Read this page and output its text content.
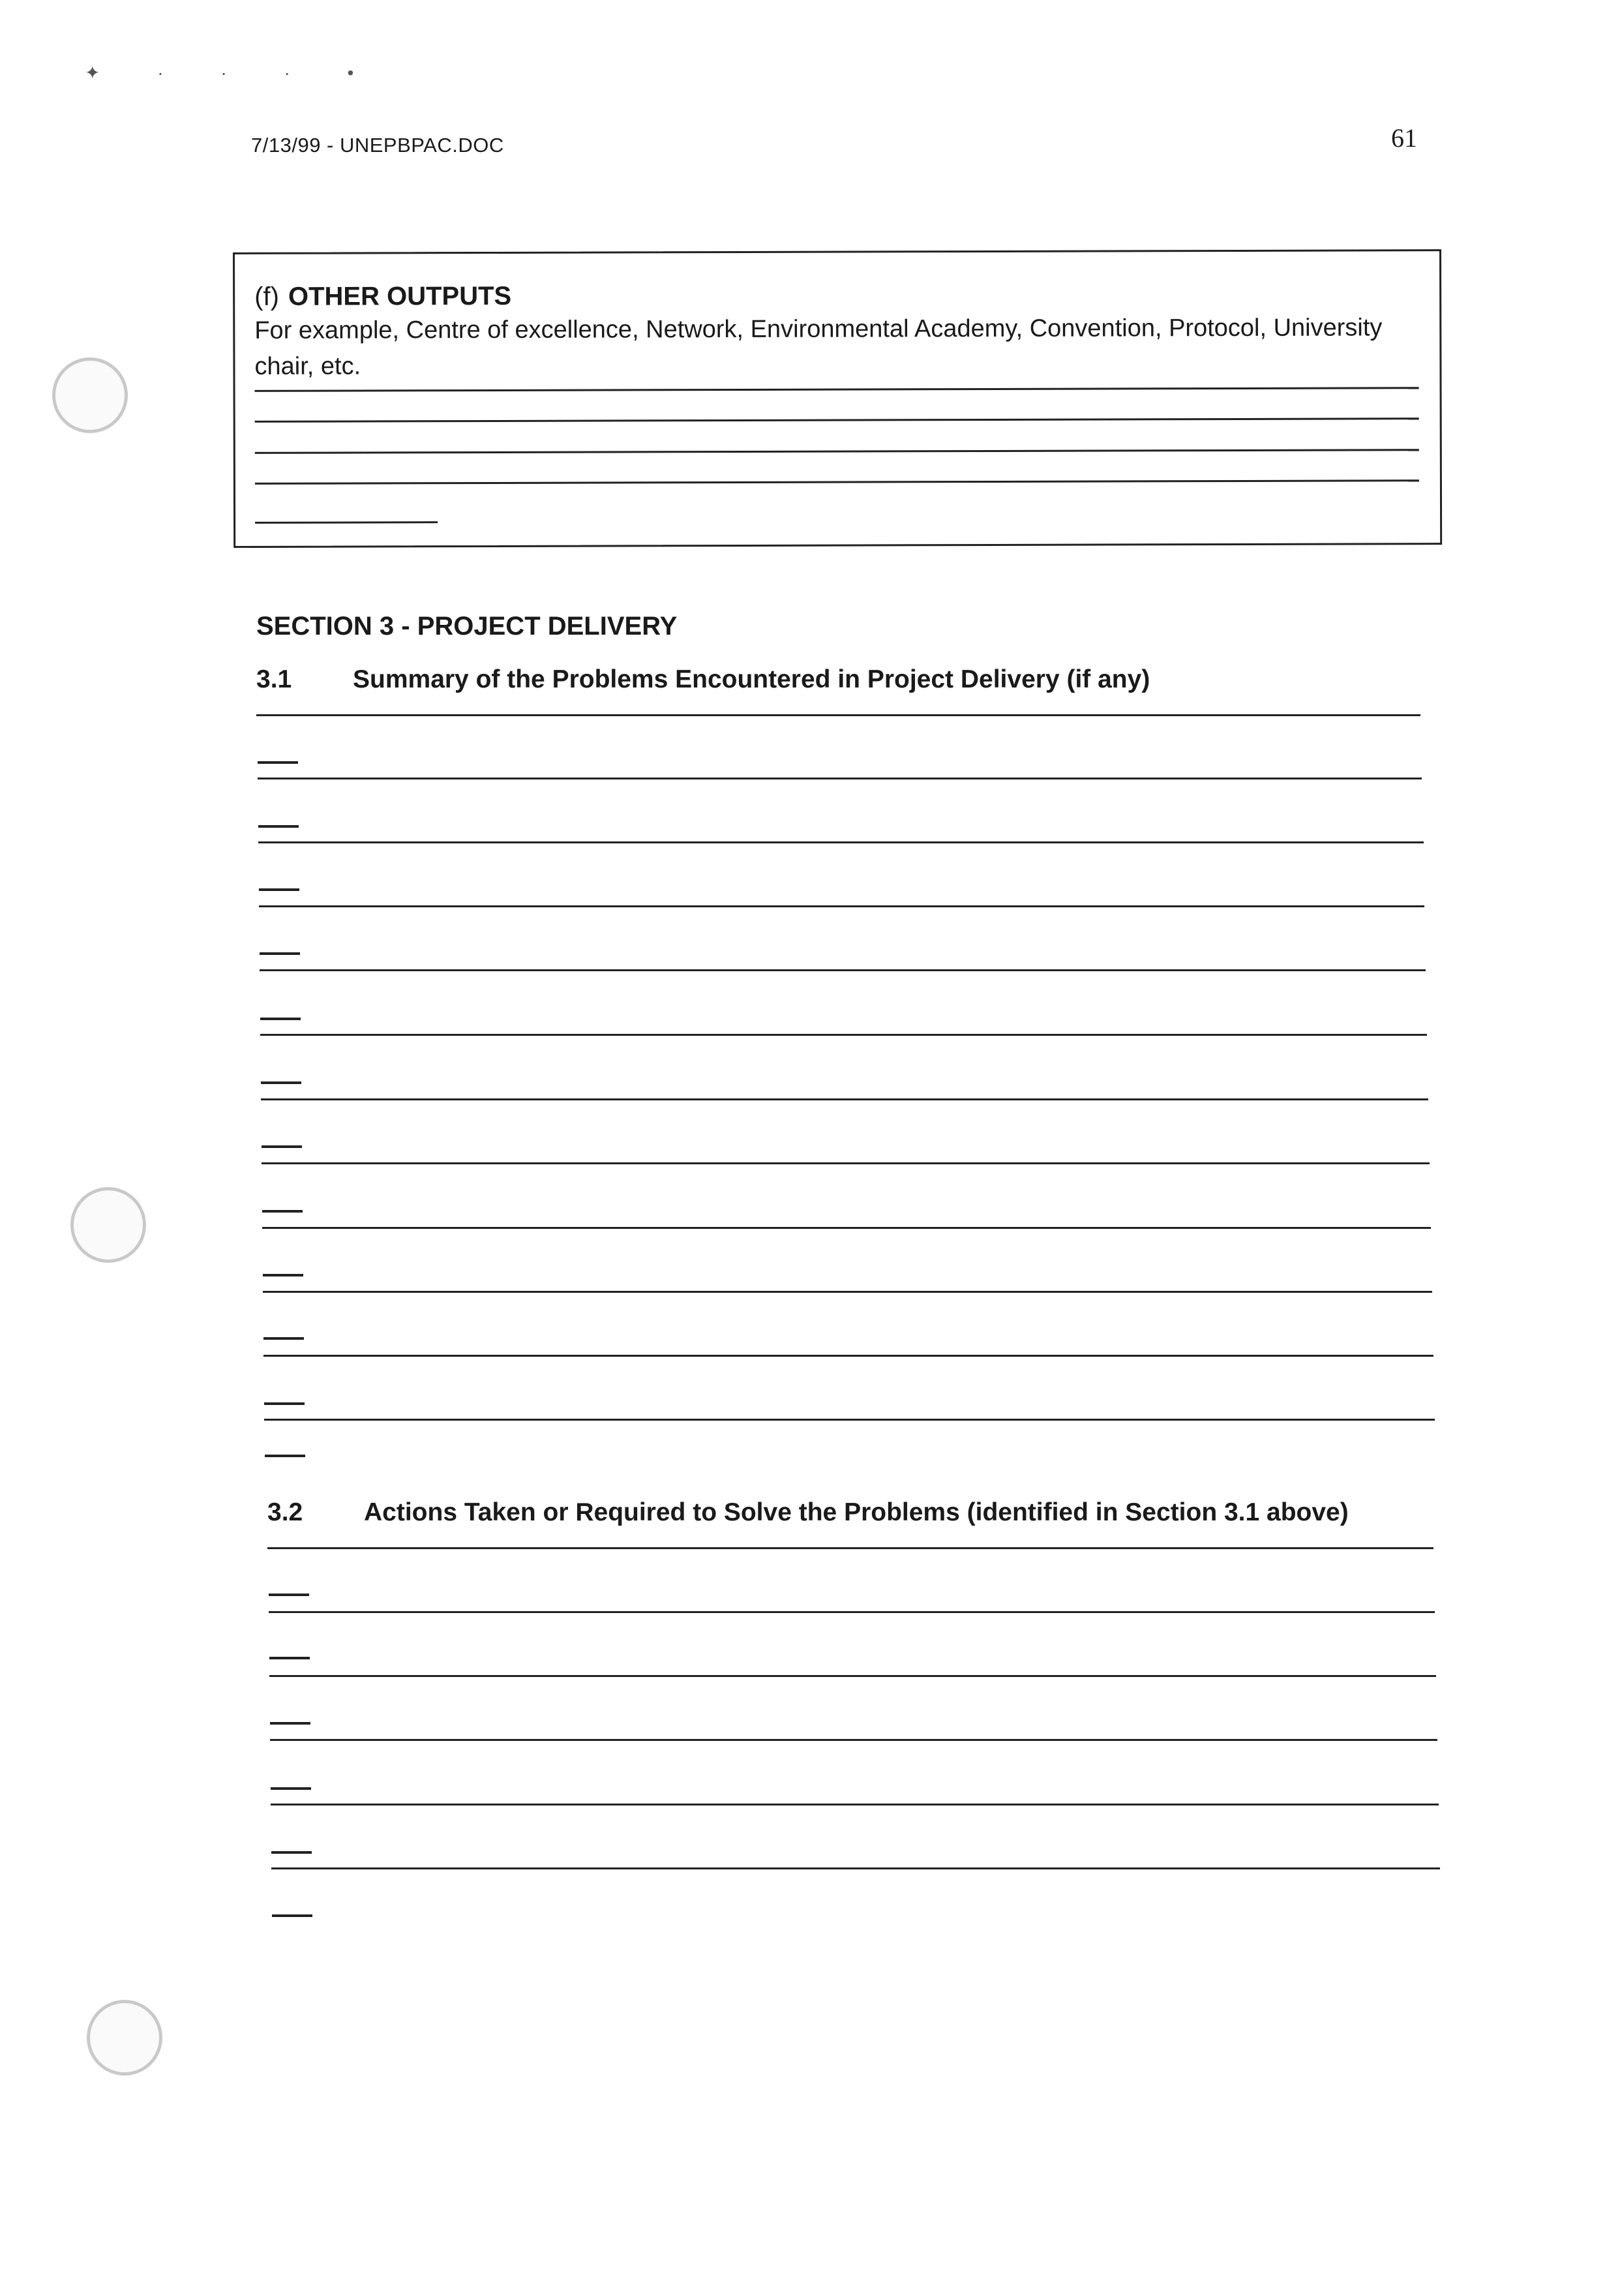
✦ · · · •
7/13/99 - UNEPBPAC.DOC	61
(f) OTHER OUTPUTS
For example, Centre of excellence, Network, Environmental Academy, Convention, Protocol, University chair, etc.
SECTION 3 - PROJECT DELIVERY
3.1 Summary of the Problems Encountered in Project Delivery (if any)
3.2 Actions Taken or Required to Solve the Problems (identified in Section 3.1 above)
